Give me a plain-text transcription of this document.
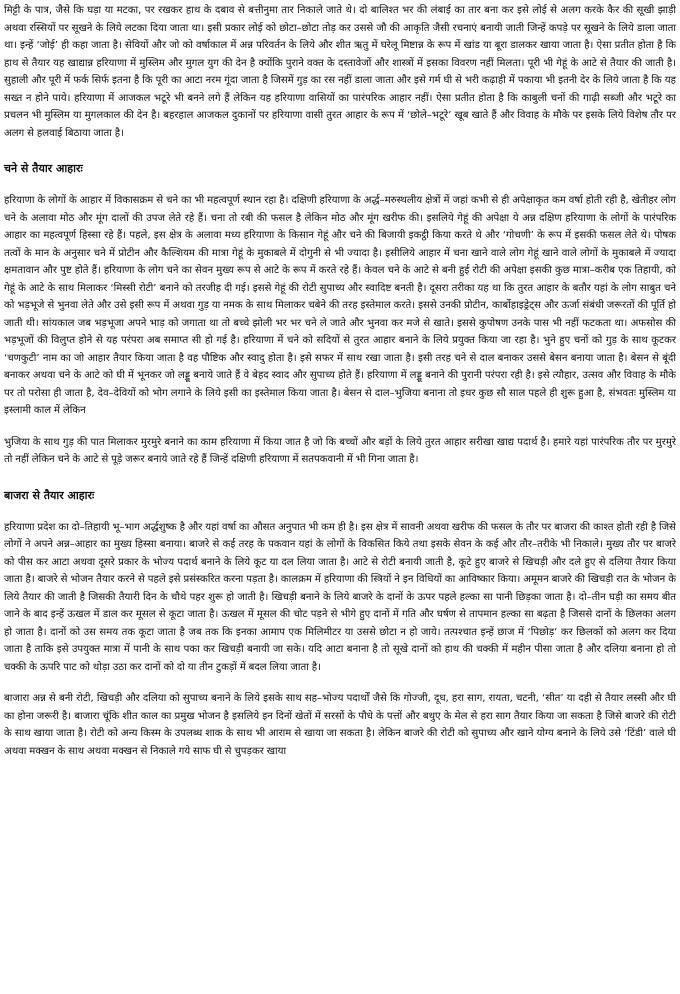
मिट्टी के पात्र, जैसे कि घड़ा या मटका, पर रखकर हाथ के दबाव से बत्तीनुमा तार निकाले जाते थे। दो बालिश्त भर की लंबाई का तार बना कर इसे लोई से अलग करके कैर की सूखी झाड़ी अथवा रस्सियों पर सूखने के लिये लटका दिया जाता था। इसी प्रकार लोई को छोटा–छोटा तोड़ कर उससे जौ की आकृति जैसी रचनाएं बनायी जाती जिन्हें कपड़े पर सूखने के लिये डाला जाता था। इन्हें ‘जोई’ ही कहा जाता है। सेवियों और जो को वर्षाकाल में अन्न परिवर्तन के लिये और शीत ऋतु में घरेलू मिष्टान्न के रूप में खांड या बूरा डालकर खाया जाता है। ऐसा प्रतीत होता है कि हाथ से तैयार यह खाद्यान्न हरियाणा में मुस्लिम और मुगल युग की देन है क्योंकि पुराने वक्त के दस्तावेजों और शास्त्रों में इसका विवरण नहीं मिलता। पूरी भी गेहूं के आटे से तैयार की जाती है। सुहाली और पूरी में फर्क सिर्फ इतना है कि पूरी का आटा नरम गूंदा जाता है जिसमें गुड़ का रस नहीं डाला जाता और इसे गर्म घी से भरी कढ़ाही में पकाया भी इतनी देर के लिये जाता है कि यह सख्त न होने पाये। हरियाणा में आजकल भटूरे भी बनने लगे हैं लेकिन यह हरियाणा वासियों का पारंपरिक आहार नहीं। ऐसा प्रतीत होता है कि काबुली चनों की गाढ़ी सब्जी और भटूरे का प्रचलन भी मुस्लिम या मुगलकाल की देन है। बहरहाल आजकल दुकानों पर हरियाणा वासी तुरत आहार के रूप में ‘छोले–भटूरे’ खूब खाते हैं और विवाह के मौके पर इसके लिये विशेष तौर पर अलग से हलवाई बिठाया जाता है।

चने से तैयार आहारः

हरियाणा के लोगों के आहार में विकासक्रम से चने का भी महत्वपूर्ण स्थान रहा है। दक्षिणी हरियाणा के अर्द्ध–मरुस्थलीय क्षेत्रों में जहां कभी से ही अपेक्षाकृत कम वर्षा होती रही है, खेतीहर लोग चने के अलावा मोठ और मूंग दालों की उपज लेते रहे हैं। चना तो रबी की फसल है लेकिन मोठ और मूंग खरीफ की। इसलिये गेहूं की अपेक्षा ये अन्न दक्षिण हरियाणा के लोगों के पारंपरिक आहार का महत्वपूर्ण हिस्सा रहे हैं। पहले, इस क्षेत्र के अलावा मध्य हरियाणा के किसान गेहूं और चने की बिजायी इकट्ठी किया करते थे और ‘गोचणी’ के रूप में इसकी फसल लेते थे। पोषक तत्वों के मान के अनुसार चने में प्रोटीन और कैल्शियम की मात्रा गेहूं के मुकाबले में दोगुनी से भी ज्यादा है। इसीलिये आहार में चना खाने वाले लोग गेहूं खाने वाले लोगों के मुकाबले में ज्यादा क्षमतावान और पुष्ट होते हैं। हरियाणा के लोग चने का सेवन मुख्य रूप से आटे के रूप में करते रहे हैं। केवल चने के आटे से बनी हुई रोटी की अपेक्षा इसकी कुछ मात्रा–करीब एक तिहायी, को गेहूं के आटे के साथ मिलाकर ‘मिस्सी रोटी’ बनाने को तरजीह दी गई। इससे गेहूं की रोटी सुपाच्य और स्वादिष्ट बनती है। दूसरा तरीका यह था कि तुरत आहार के बतौर यहां के लोग साबुत चने को भड़भूजे से भुनवा लेते और उसे इसी रूप में अथवा गुड़ या नमक के साथ मिलाकर चबेने की तरह इस्तेमाल करते। इससे उनकी प्रोटीन, कार्बोहाइड्रेट्स और ऊर्जा संबंधी जरूरतों की पूर्ति हो जाती थी। सांयकाल जब भड़भूजा अपने भाड़ को जगाता था तो बच्चे झोली भर भर चने ले जाते और भुनवा कर मजे से खाते। इससे कुपोषण उनके पास भी नहीं फटकता था। अफसोस की भड़भूजों की विलुप्त होने से यह परंपरा अब समाप्त सी हो गई है। हरियाणा में चने को सदियों से तुरत आहार बनाने के लिये प्रयुक्त किया जा रहा है। भुने हुए चनों को गुड़ के साथ कूटकर ‘चणकुटी’ नाम का जो आहार तैयार किया जाता है वह पौष्टिक और स्वादु होता है। इसे सफर में साथ रखा जाता है। इसी तरह चने से दाल बनाकर उससे बेसन बनाया जाता है। बेसन से बूंदी बनाकर अथवा चने के आटे को घी में भूनकर जो लड्डू बनाये जाते हैं वे बेहद स्वाद और सुपाच्य होते हैं। हरियाणा में लड्डू बनाने की पुरानी परंपरा रही है। इसे त्यौहार, उत्सव और विवाह के मौके पर तो परोसा ही जाता है, देव–देवियों को भोग लगाने के लिये इसी का इस्तेमाल किया जाता है। बेसन से दाल–भुजिया बनाना तो इधर कुछ सौ साल पहले ही शुरू हुआ है, संभवतः मुस्लिम या इस्लामी काल में लेकिन

भुजिया के साथ गुड़ की पात मिलाकर मुरमुरे बनाने का काम हरियाणा में किया जात है जो कि बच्चों और बड़ों के लिये तुरत आहार सरीखा खाद्य पदार्थ है। हमारे यहां पारंपरिक तौर पर मुरमुरे तो नहीं लेकिन चने के आटे से पूड़े जरूर बनाये जाते रहे हैं जिन्हें दक्षिणी हरियाणा में सतपकवानी में भी गिना जाता है।

बाजरा से तैयार आहारः

हरियाणा प्रदेश का दो–तिहायी भू–भाग अर्द्धशुष्क है और यहां वर्षा का औसत अनुपात भी कम ही है। इस क्षेत्र में सावनी अथवा खरीफ की फसल के तौर पर बाजरा की काश्त होती रही है जिसे लोगों ने अपने अन्न–आहार का मुख्य हिस्सा बनाया। बाजरे से कई तरह के पकवान यहां के लोगों के विकसित किये तथा इसके सेवन के कई और तौर–तरीके भी निकाले। मुख्य तौर पर बाजरे को पीस कर आटा अथवा दूसरे प्रकार के भोज्य पदार्थ बनाने के लिये कूट या दल लिया जाता है। आटे से रोटी बनायी जाती है, कूटे हुए बाजरे से खिचड़ी और दले हुए से दलिया तैयार किया जाता है। बाजरे से भोजन तैयार करने से पहले इसे प्रसंस्करित करना पड़ता है। कालक्रम में हरियाणा की स्त्रियों ने इन विधियों का आविष्कार किया। अमूमन बाजरे की खिचड़ी रात के भोजन के लिये तैयार की जाती है जिसकी तैयारी दिन के चौथे पहर शुरू हो जाती है। खिचड़ी बनाने के लिये बाजरे के दानों के ऊपर पहले हल्का सा पानी छिड़का जाता है। दो–तीन घड़ी का समय बीत जाने के बाद इन्हें ऊखल में डाल कर मूसल से कूटा जाता है। ऊखल में मूसल की चोट पड़ने से भीगे हुए दानों में गति और घर्षण से तापमान हल्का सा बढ़ता है जिससे दानों के छिलका अलग हो जाता है। दानों को उस समय तक कूटा जाता है जब तक कि इनका आमाप एक मिलिमीटर या उससे छोटा न हो जाये। तत्पश्चात इन्हें छाज में ‘पिछोड़’ कर छिलकों को अलग कर दिया जाता है ताकि इसे उपयुक्त मात्रा में पानी के साथ पका कर खिचड़ी बनायी जा सके। यदि आटा बनाना है तो सूखे दानों को हाथ की चक्की में महीन पीसा जाता है और दलिया बनाना हो तो चक्की के ऊपरि पाट को थोड़ा उठा कर दानों को दो या तीन टुकड़ों में बदल लिया जाता है।

बाजारा अन्न से बनी रोटी, खिचड़ी और दलिया को सुपाच्य बनाने के लिये इसके साथ सह–भोज्य पदार्थों जैसे कि गोज्जी, दूध, हरा साग, रायता, चटनी, ‘सीत’ या दही से तैयार लस्सी और घी का होना जरूरी है। बाजारा चूंकि शीत काल का प्रमुख भोजन है इसलिये इन दिनों खेतों में सरसों के पौधे के पत्तों और बथुए के मेल से हरा साग तैयार किया जा सकता है जिसे बाजरे की रोटी के साथ खाया जाता है। रोटी को अन्य किस्म के उपलब्ध शाक के साथ भी आराम से खाया जा सकता है। लेकिन बाजरे की रोटी को सुपाच्य और खाने योग्य बनाने के लिये उसे ‘टिंडी’ वाले घी अथवा मक्खन के साथ अथवा मक्खन से निकाले गये साफ घी से चुपड़कर खाया
